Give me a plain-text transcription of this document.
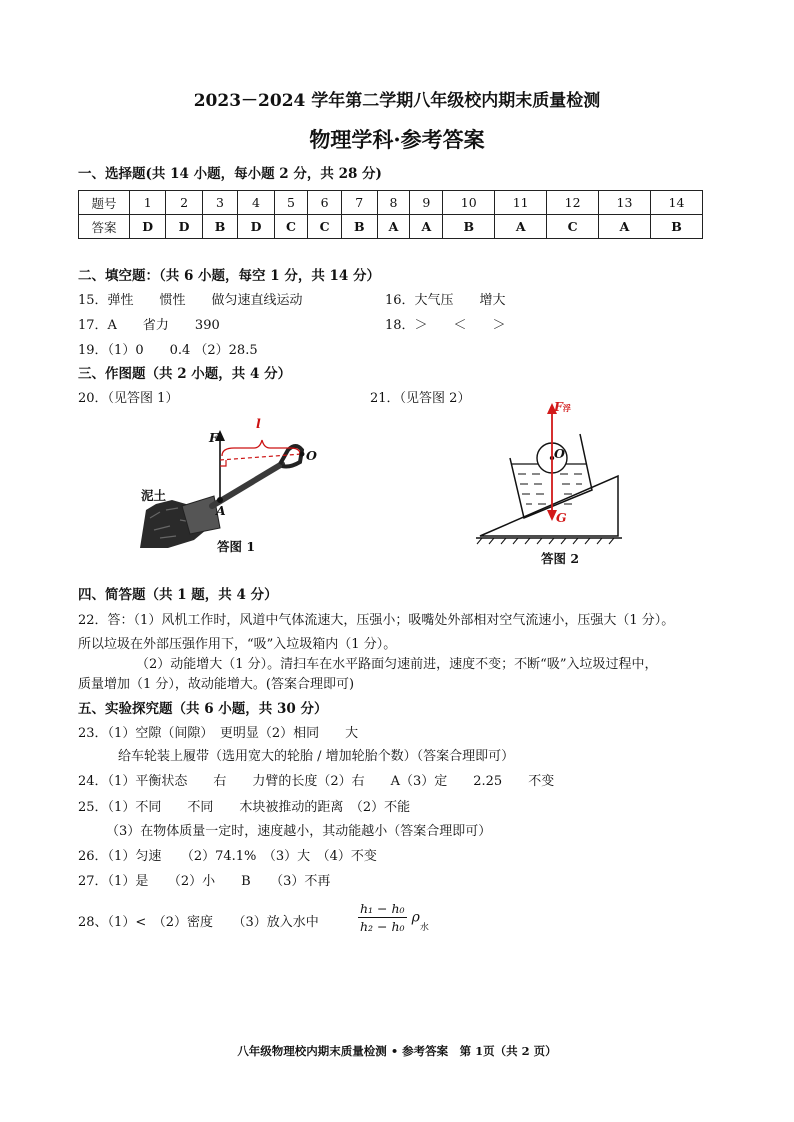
2023－2024 学年第二学期八年级校内期末质量检测
物理学科·参考答案
一、选择题(共 14 小题，每小题 2 分，共 28 分)
题号	1	2	3	4	5	6	7	8	9	10	11	12	13	14
答案	D	D	B	D	C	C	B	A	A	B	A	C	A	B
二、填空题：（共 6 小题，每空 1 分，共 14 分）
15．弹性　　惯性　　做匀速直线运动	16．大气压　　增大
17．A　　省力　　390	18．＞　　＜　　＞
19．（1）0　　0.4 （2）28.5
三、作图题（共 2 小题，共 4 分）
20．（见答图 1）	21．（见答图 2）
F
l
O
A
泥土
答图 1
F浮
O
G
答图 2
四、简答题（共 1 题，共 4 分）
22．答：（1）风机工作时，风道中气体流速大，压强小；吸嘴处外部相对空气流速小，压强大（1 分）。
所以垃圾在外部压强作用下，“吸”入垃圾箱内（1 分）。
（2）动能增大（1 分）。清扫车在水平路面匀速前进，速度不变；不断“吸”入垃圾过程中，
质量增加（1 分），故动能增大。(答案合理即可)
五、实验探究题（共 6 小题，共 30 分）
23．（1）空隙（间隙）　更明显（2）相同　　大
给车轮装上履带（选用宽大的轮胎 / 增加轮胎个数）（答案合理即可）
24．（1）平衡状态　　右　　力臂的长度（2）右　　A（3）定　　2.25　　不变
25．（1）不同　　不同　　木块被推动的距离　（2）不能
（3）在物体质量一定时，速度越小，其动能越小（答案合理即可）
26．（1）匀速　　（2）74.1%　（3）大　（4）不变
27．（1）是　　（2）小　　B　　（3）不再
28、（1）<　（2）密度　　（3）放入水中	$\frac{\text{h₁ − h₀}}{\text{h₂ − h₀}} \rho_水$
八年级物理校内期末质量检测 • 参考答案　第 1页（共 2 页）
